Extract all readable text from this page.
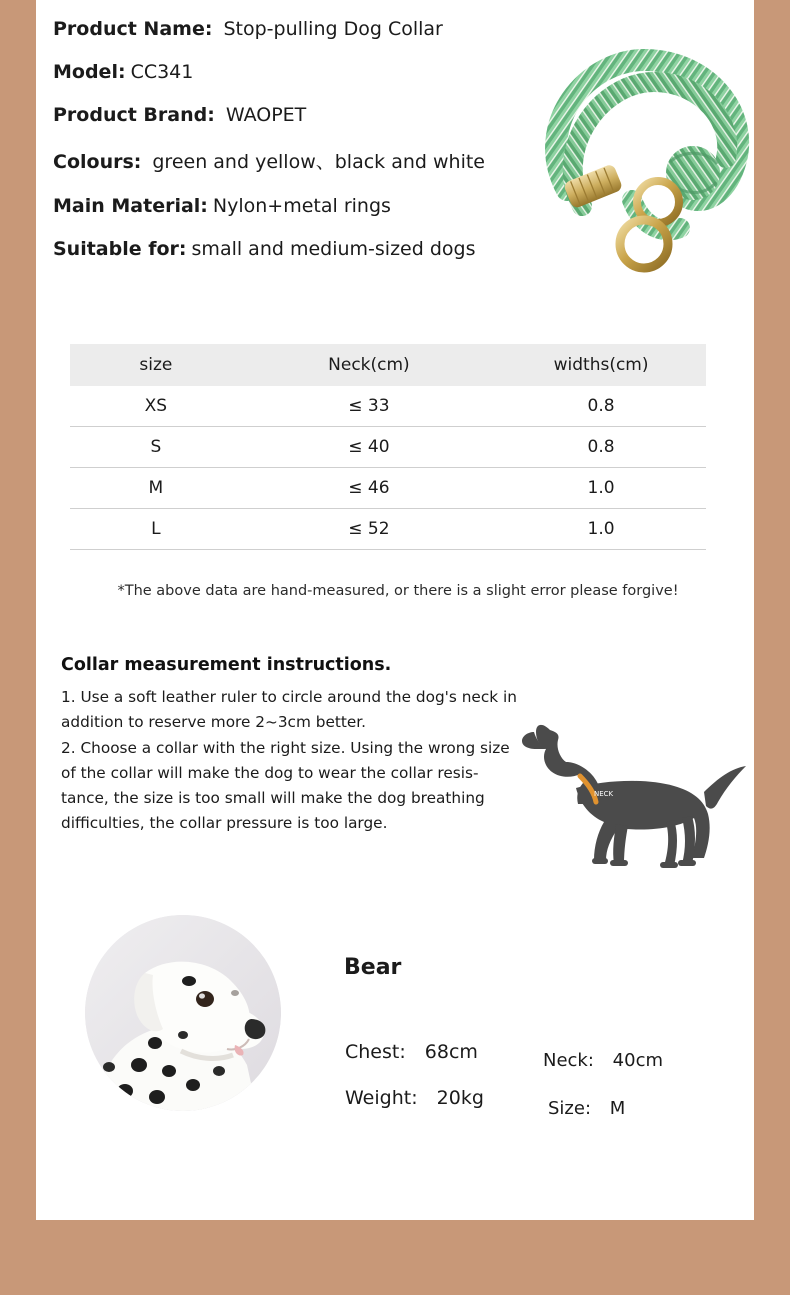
Product Name: Stop-pulling Dog Collar
Model: CC341
Product Brand: WAOPET
Colours: green and yellow、black and white
Main Material: Nylon+metal rings
Suitable for: small and medium-sized dogs
size	Neck(cm)	widths(cm)
XS	≤ 33	0.8
S	≤ 40	0.8
M	≤ 46	1.0
L	≤ 52	1.0
*The above data are hand-measured, or there is a slight error please forgive!
Collar measurement instructions.

1. Use a soft leather ruler to circle around the dog's neck in

addition to reserve more 2~3cm better.

2. Choose a collar with the right size. Using the wrong size

of the collar will make the dog to wear the collar resis-

tance, the size is too small will make the dog breathing

difficulties, the collar pressure is too large.

NECK
Bear
Chest: 68cm	Neck: 40cm
Weight: 20kg	Size: M
